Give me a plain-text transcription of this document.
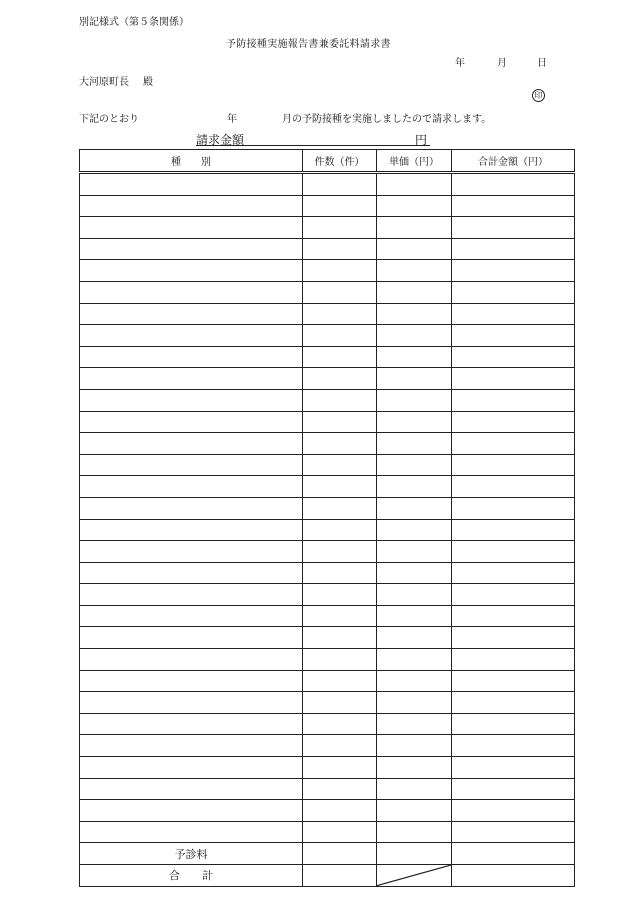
別記様式（第５条関係）
予防接種実施報告書兼委託料請求書
年	月	日
大河原町長 殿
印
下記のとおり	年	月の予防接種を実施しましたので請求します。
請求金額	円
種　　別	件数（件）	単価（円）	合計金額（円）

予診料			
合　　計		
